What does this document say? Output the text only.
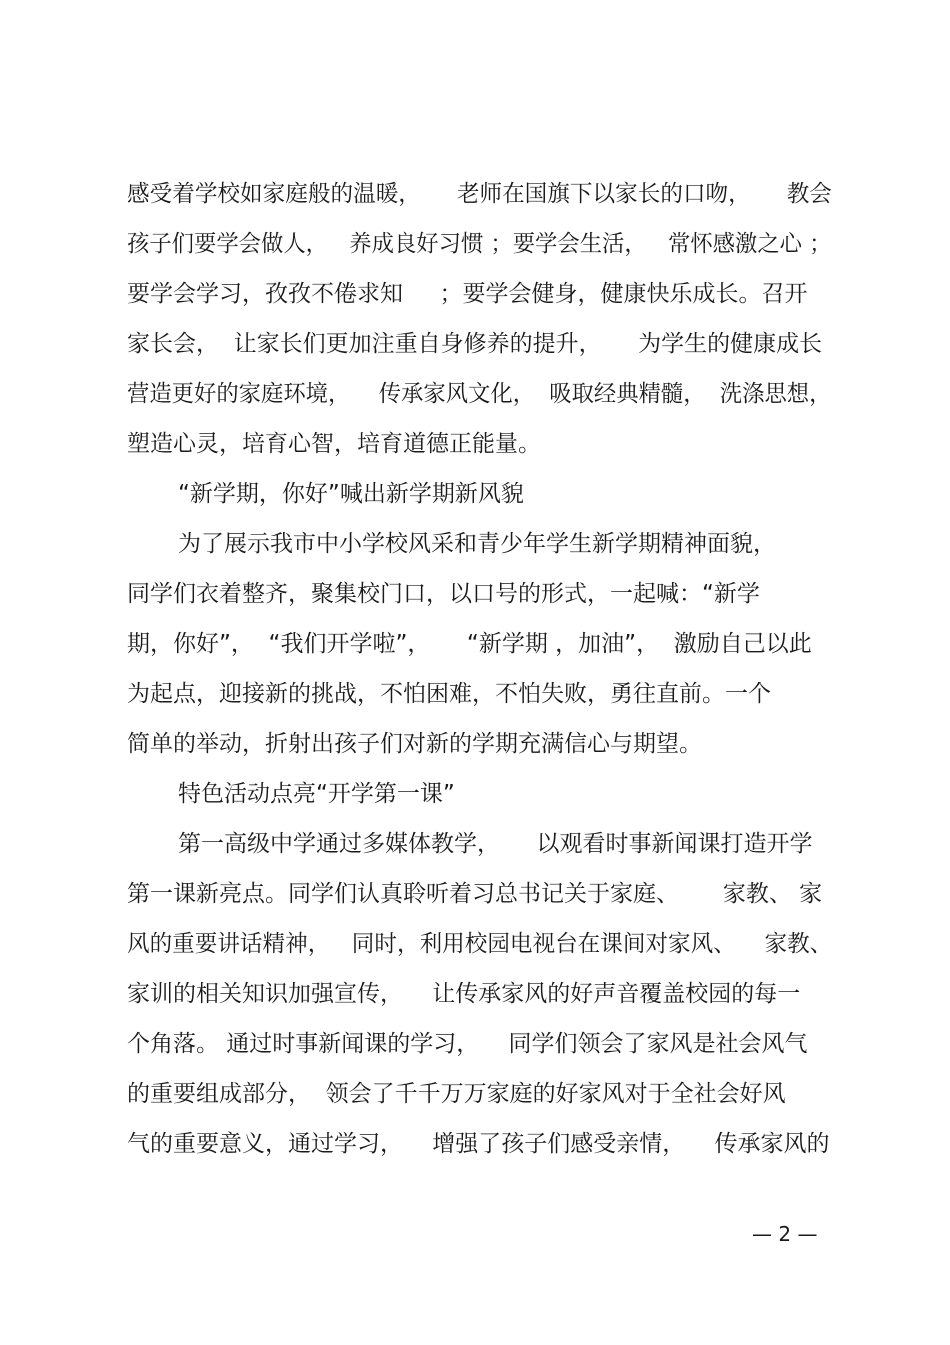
感受着学校如家庭般的温暖，     老师在国旗下以家长的口吻，     教会
孩子们要学会做人，   养成良好习惯 ；要学会生活，   常怀感激之心 ；
要学会学习，孜孜不倦求知     ；要学会健身，健康快乐成长。召开
家长会，  让家长们更加注重自身修养的提升，     为学生的健康成长
营造更好的家庭环境，    传承家风文化，  吸取经典精髓，  洗涤思想，
塑造心灵，培育心智，培育道德正能量。
“新学期，你好”喊出新学期新风貌
为了展示我市中小学校风采和青少年学生新学期精神面貌，
同学们衣着整齐，聚集校门口，以口号的形式，一起喊：“新学
期，你好”，  “我们开学啦”，     “新学期 ，加油”，  激励自己以此
为起点，迎接新的挑战，不怕困难，不怕失败，勇往直前。一个
简单的举动，折射出孩子们对新的学期充满信心与期望。
特色活动点亮“开学第一课”
第一高级中学通过多媒体教学，     以观看时事新闻课打造开学
第一课新亮点。同学们认真聆听着习总书记关于家庭、      家教、 家
风的重要讲话精神，   同时，利用校园电视台在课间对家风、    家教、
家训的相关知识加强宣传，    让传承家风的好声音覆盖校园的每一
个角落。 通过时事新闻课的学习，    同学们领会了家风是社会风气
的重要组成部分，  领会了千千万万家庭的好家风对于全社会好风
气的重要意义，通过学习，    增强了孩子们感受亲情，    传承家风的
— 2 —
